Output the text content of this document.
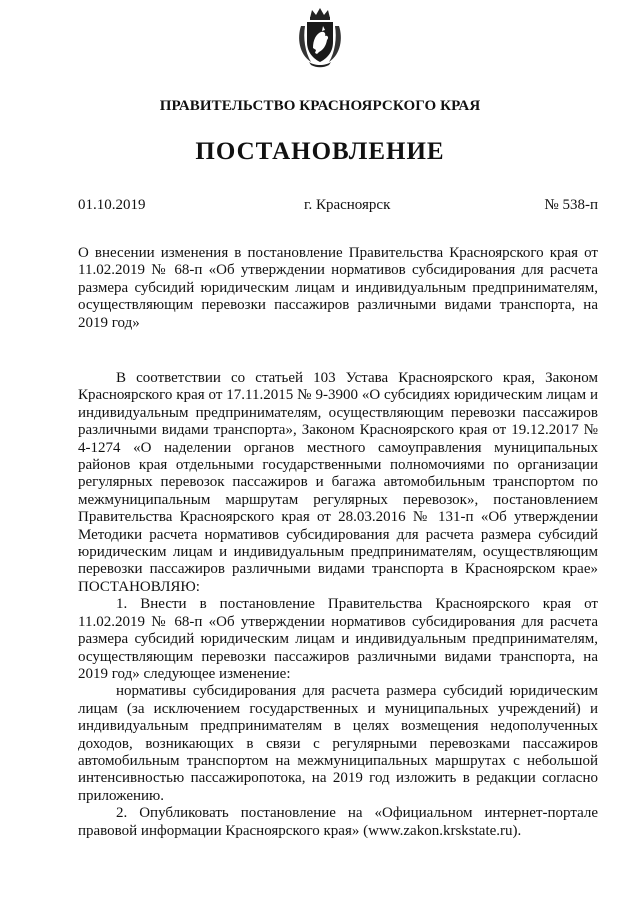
ПРАВИТЕЛЬСТВО КРАСНОЯРСКОГО КРАЯ
ПОСТАНОВЛЕНИЕ
01.10.2019	г. Красноярск	№ 538-п
О внесении изменения в постановление Правительства Красноярского края от 11.02.2019 № 68-п «Об утверждении нормативов субсидирования для расчета размера субсидий юридическим лицам и индивидуальным предпринимателям, осуществляющим перевозки пассажиров различными видами транспорта, на 2019 год»

В соответствии со статьей 103 Устава Красноярского края, Законом Красноярского края от 17.11.2015 № 9-3900 «О субсидиях юридическим лицам и индивидуальным предпринимателям, осуществляющим перевозки пассажиров различными видами транспорта», Законом Красноярского края от 19.12.2017 № 4-1274 «О наделении органов местного самоуправления муниципальных районов края отдельными государственными полномочиями по организации регулярных перевозок пассажиров и багажа автомобильным транспортом по межмуниципальным маршрутам регулярных перевозок», постановлением Правительства Красноярского края от 28.03.2016 № 131-п «Об утверждении Методики расчета нормативов субсидирования для расчета размера субсидий юридическим лицам и индивидуальным предпринимателям, осуществляющим перевозки пассажиров различными видами транспорта в Красноярском крае» ПОСТАНОВЛЯЮ:

1. Внести в постановление Правительства Красноярского края от 11.02.2019 № 68-п «Об утверждении нормативов субсидирования для расчета размера субсидий юридическим лицам и индивидуальным предпринимателям, осуществляющим перевозки пассажиров различными видами транспорта, на 2019 год» следующее изменение:

нормативы субсидирования для расчета размера субсидий юридическим лицам (за исключением государственных и муниципальных учреждений) и индивидуальным предпринимателям в целях возмещения недополученных доходов, возникающих в связи с регулярными перевозками пассажиров автомобильным транспортом на межмуниципальных маршрутах с небольшой интенсивностью пассажиропотока, на 2019 год изложить в редакции согласно приложению.

2. Опубликовать постановление на «Официальном интернет-портале правовой информации Красноярского края» (www.zakon.krskstate.ru).
